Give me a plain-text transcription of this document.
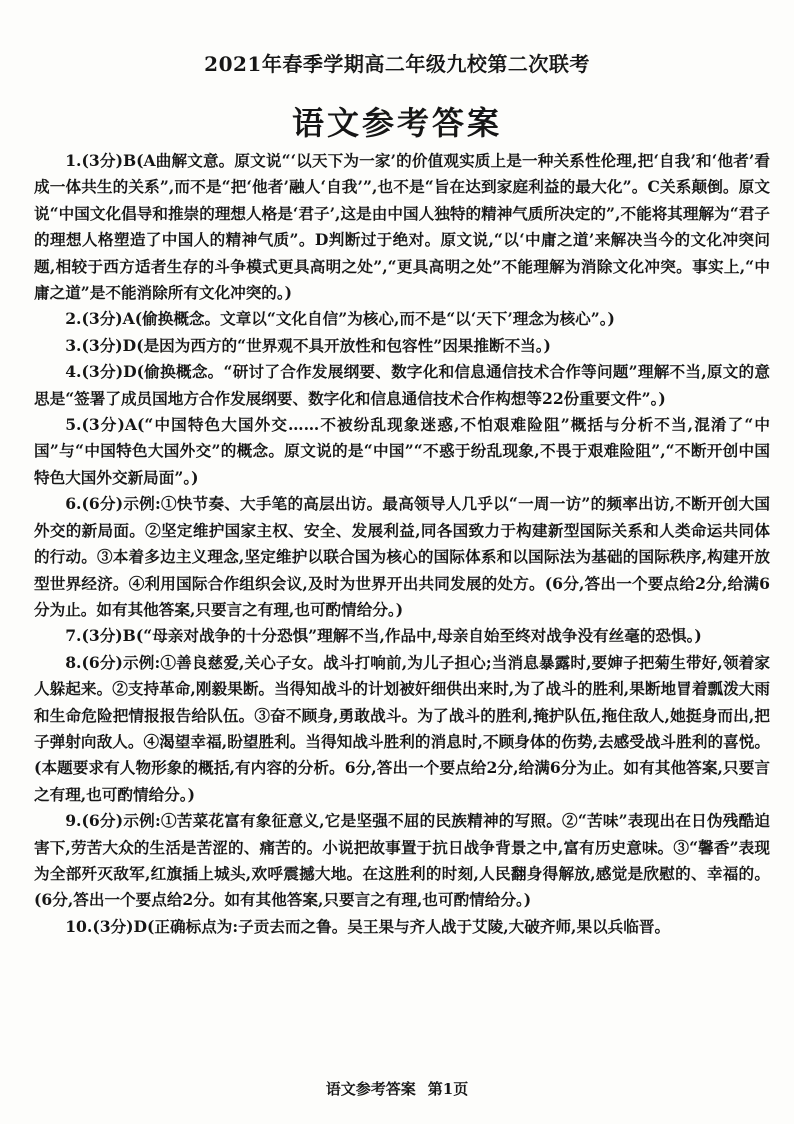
2021年春季学期高二年级九校第二次联考
语文参考答案

1.(3分)B(A曲解文意。原文说“‘以天下为一家’的价值观实质上是一种关系性伦理,把‘自我’和‘他者’看成一体共生的关系”,而不是“把‘他者’融人‘自我’”,也不是“旨在达到家庭利益的最大化”。C关系颠倒。原文说“中国文化倡导和推崇的理想人格是‘君子’,这是由中国人独特的精神气质所决定的”,不能将其理解为“君子的理想人格塑造了中国人的精神气质”。D判断过于绝对。原文说,“以‘中庸之道’来解决当今的文化冲突问题,相较于西方适者生存的斗争模式更具高明之处”,“更具高明之处”不能理解为消除文化冲突。事实上,“中庸之道”是不能消除所有文化冲突的。)

2.(3分)A(偷换概念。文章以“文化自信”为核心,而不是“以‘天下’理念为核心”。)

3.(3分)D(是因为西方的“世界观不具开放性和包容性”因果推断不当。)

4.(3分)D(偷换概念。“研讨了合作发展纲要、数字化和信息通信技术合作等问题”理解不当,原文的意思是“签署了成员国地方合作发展纲要、数字化和信息通信技术合作构想等22份重要文件”。)

5.(3分)A(“中国特色大国外交……不被纷乱现象迷惑,不怕艰难险阻”概括与分析不当,混淆了“中国”与“中国特色大国外交”的概念。原文说的是“中国”“不惑于纷乱现象,不畏于艰难险阻”,“不断开创中国特色大国外交新局面”。)

6.(6分)示例:①快节奏、大手笔的高层出访。最高领导人几乎以“一周一访”的频率出访,不断开创大国外交的新局面。②坚定维护国家主权、安全、发展利益,同各国致力于构建新型国际关系和人类命运共同体的行动。③本着多边主义理念,坚定维护以联合国为核心的国际体系和以国际法为基础的国际秩序,构建开放型世界经济。④利用国际合作组织会议,及时为世界开出共同发展的处方。(6分,答出一个要点给2分,给满6分为止。如有其他答案,只要言之有理,也可酌情给分。)

7.(3分)B(“母亲对战争的十分恐惧”理解不当,作品中,母亲自始至终对战争没有丝毫的恐惧。)

8.(6分)示例:①善良慈爱,关心子女。战斗打响前,为儿子担心;当消息暴露时,要婶子把菊生带好,领着家人躲起来。②支持革命,刚毅果断。当得知战斗的计划被奸细供出来时,为了战斗的胜利,果断地冒着瓢泼大雨和生命危险把情报报告给队伍。③奋不顾身,勇敢战斗。为了战斗的胜利,掩护队伍,拖住敌人,她挺身而出,把子弹射向敌人。④渴望幸福,盼望胜利。当得知战斗胜利的消息时,不顾身体的伤势,去感受战斗胜利的喜悦。(本题要求有人物形象的概括,有内容的分析。6分,答出一个要点给2分,给满6分为止。如有其他答案,只要言之有理,也可酌情给分。)

9.(6分)示例:①苦菜花富有象征意义,它是坚强不屈的民族精神的写照。②“苦味”表现出在日伪残酷迫害下,劳苦大众的生活是苦涩的、痛苦的。小说把故事置于抗日战争背景之中,富有历史意味。③“馨香”表现为全部歼灭敌军,红旗插上城头,欢呼震撼大地。在这胜利的时刻,人民翻身得解放,感觉是欣慰的、幸福的。(6分,答出一个要点给2分。如有其他答案,只要言之有理,也可酌情给分。)

10.(3分)D(正确标点为:子贡去而之鲁。吴王果与齐人战于艾陵,大破齐师,果以兵临晋。

语文参考答案 第1页
